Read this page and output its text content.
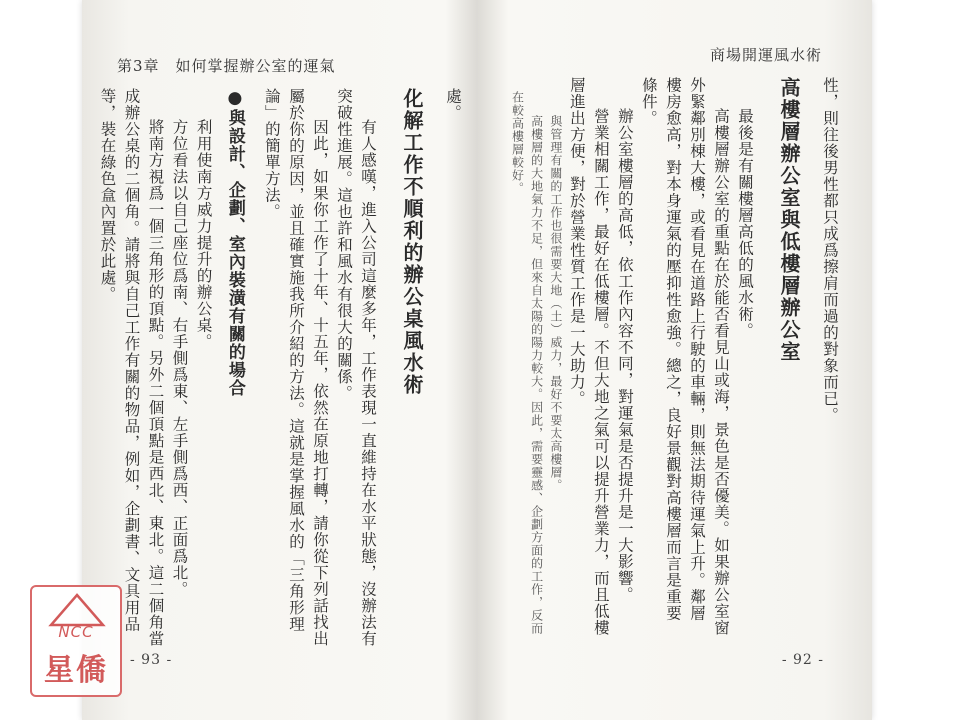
第3章　如何掌握辦公室的運氣

處。

化解工作不順利的辦公桌風水術

有人感嘆，進入公司這麼多年，工作表現一直維持在水平狀態，沒辦法有突破性進展。這也許和風水有很大的關係。

因此，如果你工作了十年、十五年，依然在原地打轉，請你從下列話找出屬於你的原因，並且確實施我所介紹的方法。這就是掌握風水的「三角形理論」的簡單方法。

●與設計、企劃、室內裝潢有關的場合

利用使南方威力提升的辦公桌。

方位看法以自己座位爲南、右手側爲東、左手側爲西、正面爲北。

將南方視爲一個三角形的頂點。另外二個頂點是西北、東北。這二個角當成辦公桌的二個角。請將與自己工作有關的物品，例如，企劃書、文具用品等，裝在綠色盒內置於此處。

- 93 -
商場開運風水術

性，則往後男性都只成爲擦肩而過的對象而已。

高樓層辦公室與低樓層辦公室

最後是有關樓層高低的風水術。

高樓層辦公室的重點在於能否看見山或海，景色是否優美。如果辦公室窗外緊鄰別棟大樓，或看見在道路上行駛的車輛，則無法期待運氣上升。鄰層樓房愈高，對本身運氣的壓抑性愈強。總之，良好景觀對高樓層而言是重要條件。

辦公室樓層的高低，依工作內容不同，對運氣是否提升是一大影響。

營業相關工作，最好在低樓層。不但大地之氣可以提升營業力，而且低樓層進出方便，對於營業性質工作是一大助力。

與管理有關的工作也很需要大地（土）威力，最好不要太高樓層。

高樓層的大地氣力不足，但來自太陽的陽力較大。因此，需要靈感、企劃方面的工作，反而在較高樓層較好。

- 92 -
NCC
星僑
